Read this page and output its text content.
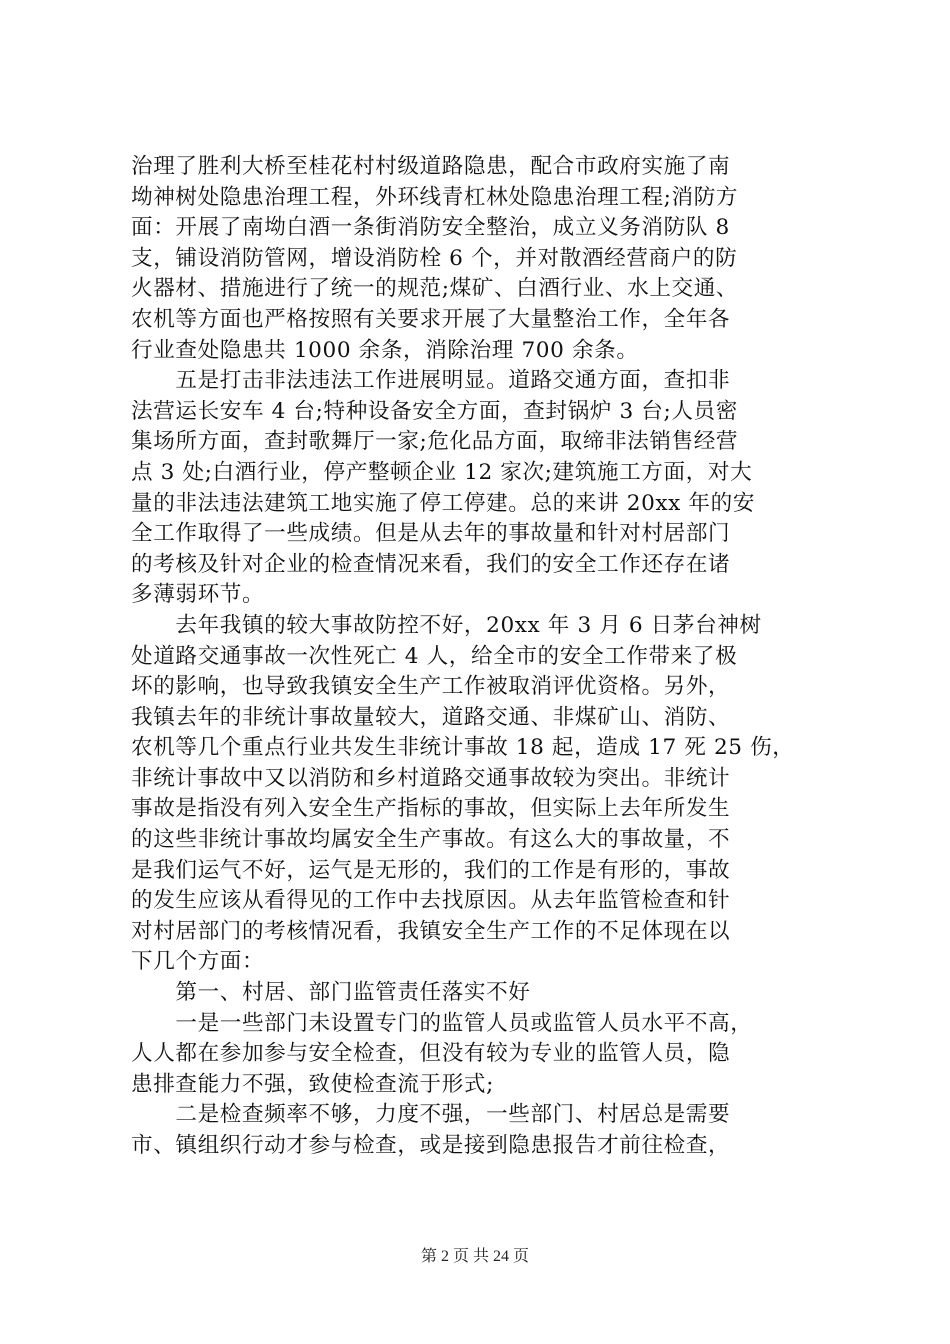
治理了胜利大桥至桂花村村级道路隐患，配合市政府实施了南
坳神树处隐患治理工程，外环线青杠林处隐患治理工程;消防方
面：开展了南坳白酒一条街消防安全整治，成立义务消防队 8
支，铺设消防管网，增设消防栓 6 个，并对散酒经营商户的防
火器材、措施进行了统一的规范;煤矿、白酒行业、水上交通、
农机等方面也严格按照有关要求开展了大量整治工作，全年各
行业查处隐患共 1000 余条，消除治理 700 余条。
　　五是打击非法违法工作进展明显。道路交通方面，查扣非
法营运长安车 4 台;特种设备安全方面，查封锅炉 3 台;人员密
集场所方面，查封歌舞厅一家;危化品方面，取缔非法销售经营
点 3 处;白酒行业，停产整顿企业 12 家次;建筑施工方面，对大
量的非法违法建筑工地实施了停工停建。总的来讲 20xx 年的安
全工作取得了一些成绩。但是从去年的事故量和针对村居部门
的考核及针对企业的检查情况来看，我们的安全工作还存在诸
多薄弱环节。
　　去年我镇的较大事故防控不好，20xx 年 3 月 6 日茅台神树
处道路交通事故一次性死亡 4 人，给全市的安全工作带来了极
坏的影响，也导致我镇安全生产工作被取消评优资格。另外，
我镇去年的非统计事故量较大，道路交通、非煤矿山、消防、
农机等几个重点行业共发生非统计事故 18 起，造成 17 死 25 伤，
非统计事故中又以消防和乡村道路交通事故较为突出。非统计
事故是指没有列入安全生产指标的事故，但实际上去年所发生
的这些非统计事故均属安全生产事故。有这么大的事故量，不
是我们运气不好，运气是无形的，我们的工作是有形的，事故
的发生应该从看得见的工作中去找原因。从去年监管检查和针
对村居部门的考核情况看，我镇安全生产工作的不足体现在以
下几个方面：
　　第一、村居、部门监管责任落实不好
　　一是一些部门未设置专门的监管人员或监管人员水平不高，
人人都在参加参与安全检查，但没有较为专业的监管人员，隐
患排查能力不强，致使检查流于形式;
　　二是检查频率不够，力度不强，一些部门、村居总是需要
市、镇组织行动才参与检查，或是接到隐患报告才前往检查，
第 2 页 共 24 页
